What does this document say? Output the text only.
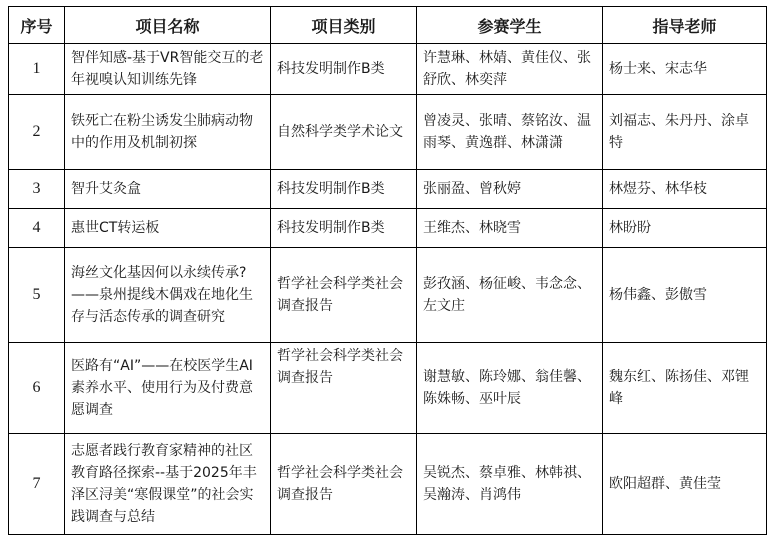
序号	项目名称	项目类别	参赛学生	指导老师
1	智伴知感-基于VR智能交互的老年视嗅认知训练先锋	科技发明制作B类	许慧琳、林婧、黄佳仪、张舒欣、林奕萍	杨士来、宋志华
2	铁死亡在粉尘诱发尘肺病动物中的作用及机制初探	自然科学类学术论文	曾凌灵、张晴、蔡铭汝、温雨琴、黄逸群、林潇潇	刘福志、朱丹丹、涂卓特
3	智升艾灸盒	科技发明制作B类	张丽盈、曾秋婷	林煜芬、林华枝
4	惠世CT转运板	科技发明制作B类	王维杰、林晓雪	林盼盼
5	海丝文化基因何以永续传承?——泉州提线木偶戏在地化生存与活态传承的调查研究	哲学社会科学类社会调查报告	彭孜涵、杨征峻、韦念念、左文庄	杨伟鑫、彭傲雪
6	医路有“AI”——在校医学生AI素养水平、使用行为及付费意愿调查	哲学社会科学类社会调查报告	谢慧敏、陈玲娜、翁佳馨、陈姝畅、巫叶辰	魏东红、陈扬佳、邓锂峰
7	志愿者践行教育家精神的社区教育路径探索--基于2025年丰泽区浔美“寒假课堂”的社会实践调查与总结	哲学社会科学类社会调查报告	吴锐杰、蔡卓雅、林韩祺、吴瀚涛、肖鸿伟	欧阳超群、黄佳莹
